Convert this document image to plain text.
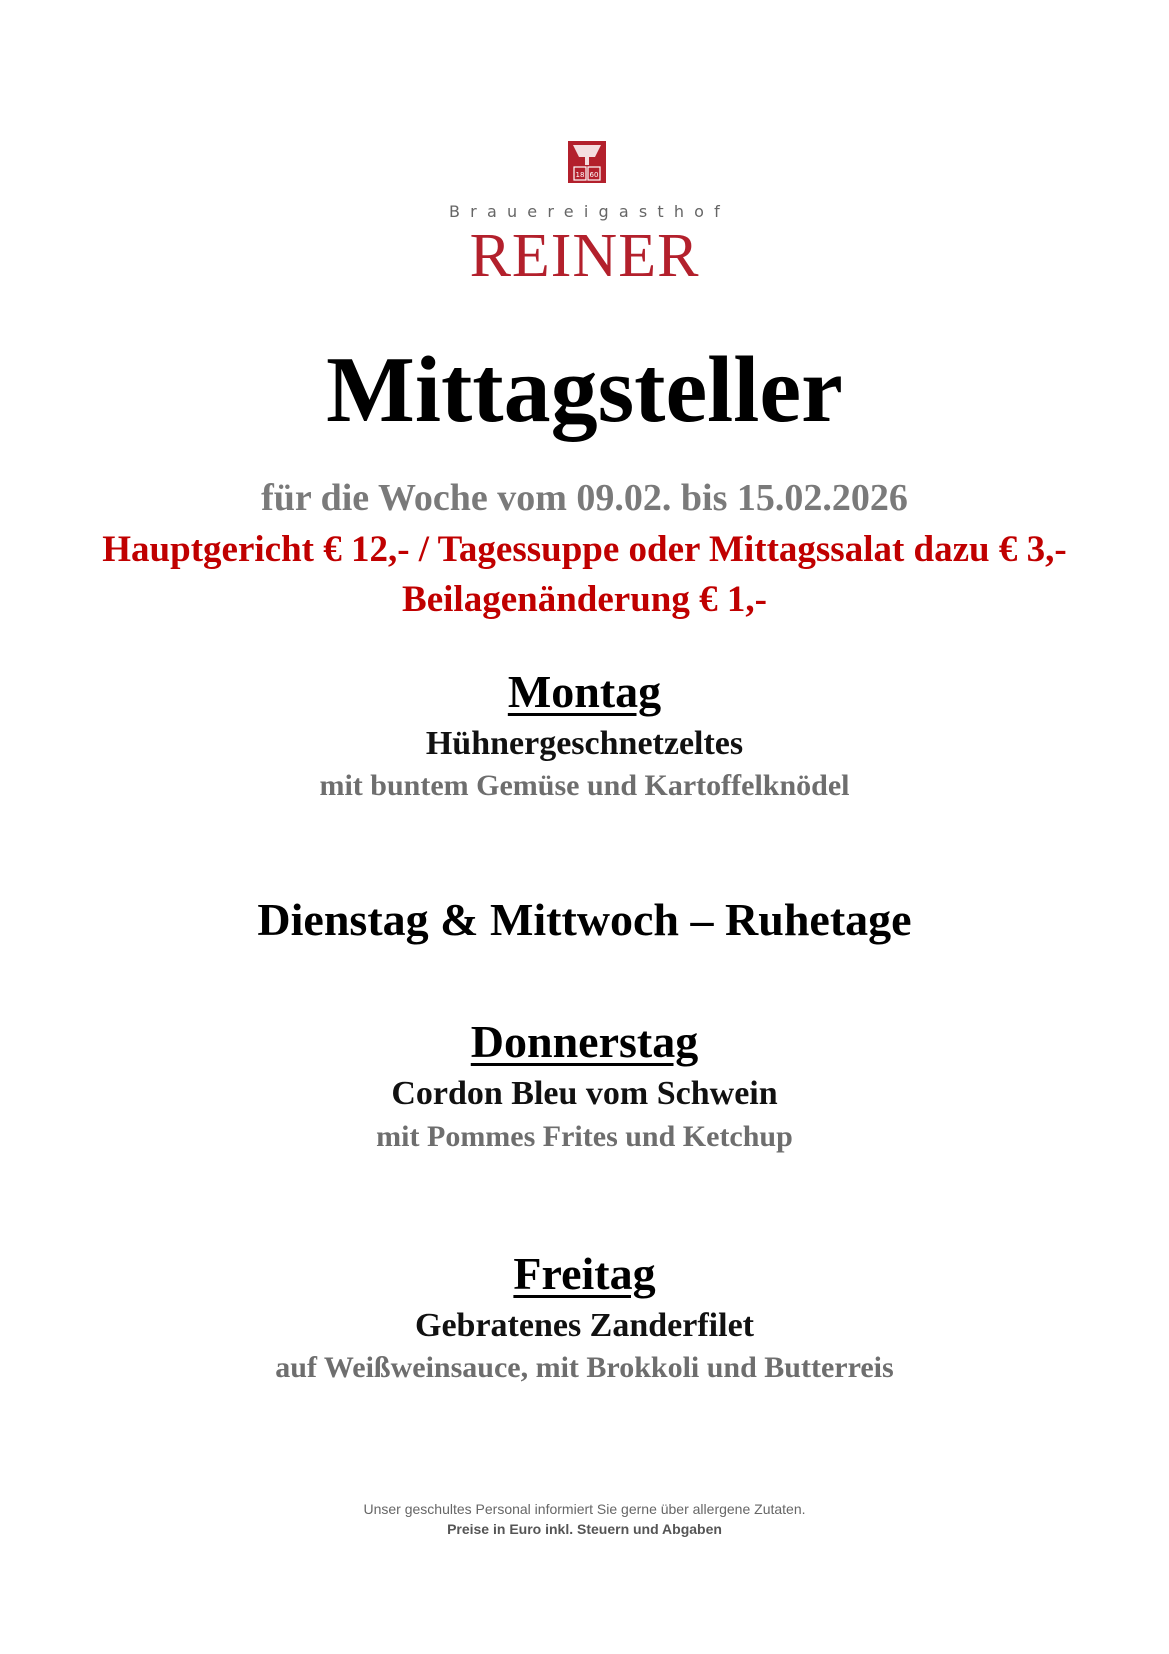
18 60
Brauereigasthof
REINER
Mittagsteller
für die Woche vom 09.02. bis 15.02.2026
Hauptgericht € 12,- / Tagessuppe oder Mittagssalat dazu € 3,-
Beilagenänderung € 1,-
Montag
Hühnergeschnetzeltes
mit buntem Gemüse und Kartoffelknödel
Dienstag & Mittwoch – Ruhetage
Donnerstag
Cordon Bleu vom Schwein
mit Pommes Frites und Ketchup
Freitag
Gebratenes Zanderfilet
auf Weißweinsauce, mit Brokkoli und Butterreis
Unser geschultes Personal informiert Sie gerne über allergene Zutaten.
Preise in Euro inkl. Steuern und Abgaben
